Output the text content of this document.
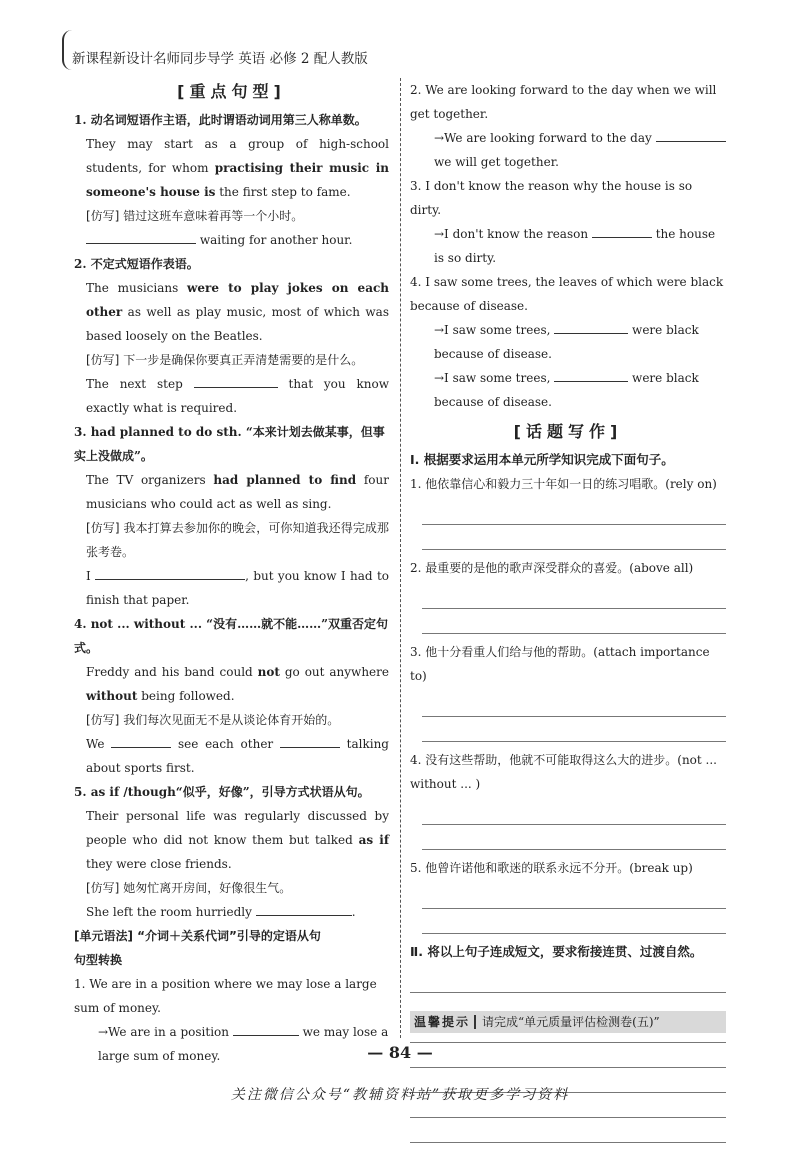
新课程新设计名师同步导学 英语 必修 2 配人教版
[重点句型]
1. 动名词短语作主语，此时谓语动词用第三人称单数。
They may start as a group of high-school students, for whom practising their music in someone's house is the first step to fame.
[仿写] 错过这班车意味着再等一个小时。
waiting for another hour.
2. 不定式短语作表语。
The musicians were to play jokes on each other as well as play music, most of which was based loosely on the Beatles.
[仿写] 下一步是确保你要真正弄清楚需要的是什么。
The next step	that you know exactly what is required.
3. had planned to do sth. “本来计划去做某事，但事实上没做成”。
The TV organizers had planned to find four musicians who could act as well as sing.
[仿写] 我本打算去参加你的晚会，可你知道我还得完成那张考卷。
I	, but you know I had to finish that paper.
4. not ... without ... “没有……就不能……”双重否定句式。
Freddy and his band could not go out anywhere without being followed.
[仿写] 我们每次见面无不是从谈论体育开始的。
We	see each other	talking about sports first.
5. as if /though“似乎，好像”，引导方式状语从句。
Their personal life was regularly discussed by people who did not know them but talked as if they were close friends.
[仿写] 她匆忙离开房间，好像很生气。
She left the room hurriedly	.
[单元语法] “介词＋关系代词”引导的定语从句
句型转换
1. We are in a position where we may lose a large sum of money.
→We are in a position	we may lose a large sum of money.
2. We are looking forward to the day when we will get together.
→We are looking forward to the day  we will get together.
3. I don't know the reason why the house is so dirty.
→I don't know the reason	the house is so dirty.
4. I saw some trees, the leaves of which were black because of disease.
→I saw some trees,	were black because of disease.
→I saw some trees,	were black because of disease.
[话题写作]
Ⅰ. 根据要求运用本单元所学知识完成下面句子。
1. 他依靠信心和毅力三十年如一日的练习唱歌。(rely on)
2. 最重要的是他的歌声深受群众的喜爱。(above all)
3. 他十分看重人们给与他的帮助。(attach importance to)
4. 没有这些帮助，他就不可能取得这么大的进步。(not ... without ... )
5. 他曾许诺他和歌迷的联系永远不分开。(break up)
Ⅱ. 将以上句子连成短文，要求衔接连贯、过渡自然。
温馨提示 请完成“单元质量评估检测卷(五)”
— 84 —
关注微信公众号“教辅资料站”获取更多学习资料
